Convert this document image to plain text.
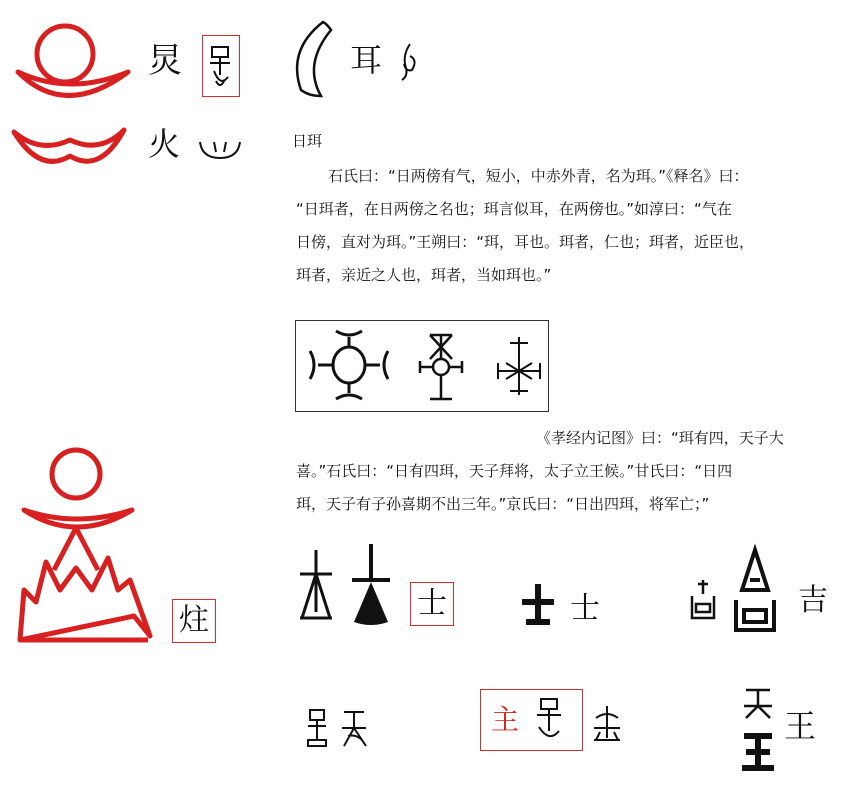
炅	耳
火	日珥
石氏曰：“日两傍有气，短小，中赤外青，名为珥。”《释名》曰：
“日珥者，在日两傍之名也；珥言似耳，在两傍也。”如淳曰：“气在
日傍，直对为珥。”王朔曰：“珥，耳也。珥者，仁也；珥者，近臣也，
珥者，亲近之人也，珥者，当如珥也。”
《孝经内记图》曰：“珥有四，天子大
喜。”石氏曰：“日有四珥，天子拜将，太子立王候。”甘氏曰：“日四
珥，天子有子孙喜期不出三年。”京氏曰：“日出四珥，将军亡；”
炷	士	士	吉
主	王
